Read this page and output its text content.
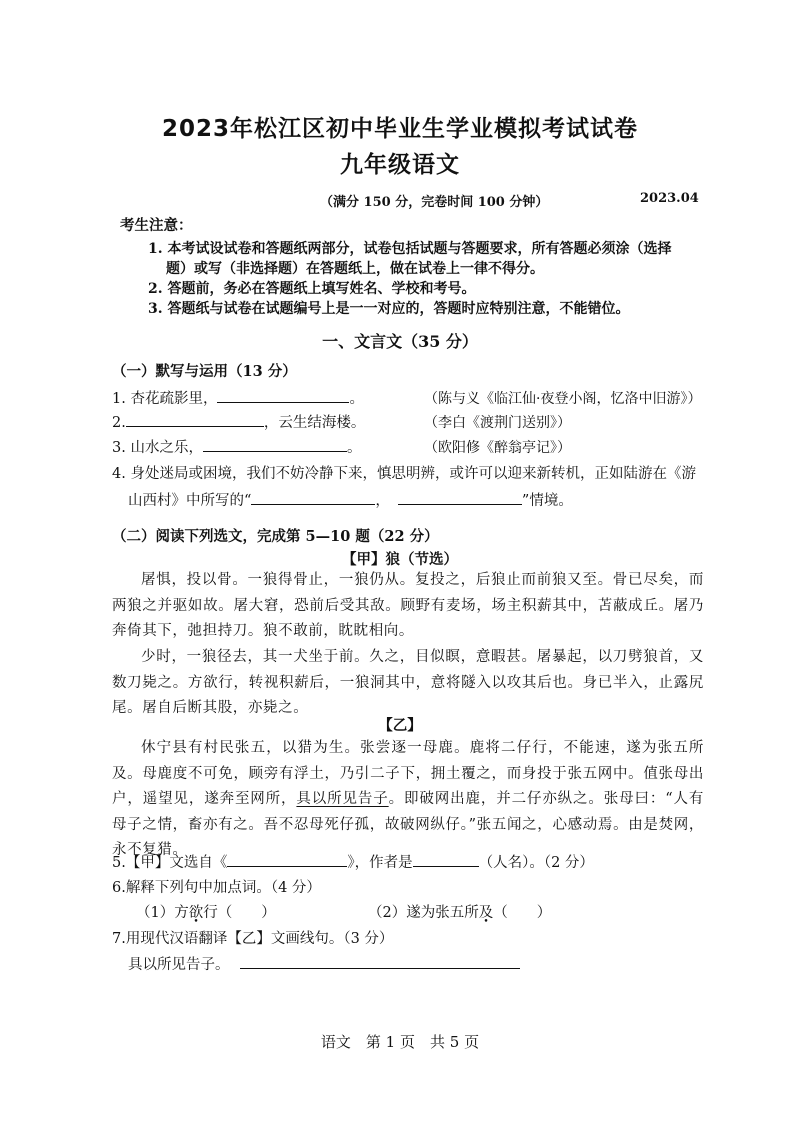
2023年松江区初中毕业生学业模拟考试试卷
九年级语文
（满分 150 分，完卷时间 100 分钟）	2023.04
考生注意：
1. 本考试设试卷和答题纸两部分，试卷包括试题与答题要求，所有答题必须涂（选择
题）或写（非选择题）在答题纸上，做在试卷上一律不得分。
2. 答题前，务必在答题纸上填写姓名、学校和考号。
3. 答题纸与试卷在试题编号上是一一对应的，答题时应特别注意，不能错位。
一、文言文（35 分）
（一）默写与运用（13 分）
1. 杏花疏影里，	。	（陈与义《临江仙·夜登小阁，忆洛中旧游》）
2.	，云生结海楼。	（李白《渡荆门送别》）
3. 山水之乐，	。	（欧阳修《醉翁亭记》）
4. 身处迷局或困境，我们不妨冷静下来，慎思明辨，或许可以迎来新转机，正如陆游在《游
山西村》中所写的“	，	”情境。
（二）阅读下列选文，完成第 5—10 题（22 分）
【甲】狼（节选）
屠惧，投以骨。一狼得骨止，一狼仍从。复投之，后狼止而前狼又至。骨已尽矣，而两狼之并驱如故。屠大窘，恐前后受其敌。顾野有麦场，场主积薪其中，苫蔽成丘。屠乃奔倚其下，弛担持刀。狼不敢前，眈眈相向。
少时，一狼径去，其一犬坐于前。久之，目似瞑，意暇甚。屠暴起，以刀劈狼首，又数刀毙之。方欲行，转视积薪后，一狼洞其中，意将隧入以攻其后也。身已半入，止露尻尾。屠自后断其股，亦毙之。
【乙】
休宁县有村民张五，以猎为生。张尝逐一母鹿。鹿将二仔行，不能速，遂为张五所及。母鹿度不可免，顾旁有浮土，乃引二子下，拥土覆之，而身投于张五网中。值张母出户，遥望见，遂奔至网所，具以所见告子。即破网出鹿，并二仔亦纵之。张母曰：“人有母子之情，畜亦有之。吾不忍母死仔孤，故破网纵仔。”张五闻之，心感动焉。由是焚网，永不复猎。
5.【甲】文选自《	》，作者是	（人名）。（2 分）
6.解释下列句中加点词。（4 分）
（1）方欲行（　　）	（2）遂为张五所及（　　）
7.用现代汉语翻译【乙】文画线句。（3 分）
具以所见告子。
语文　第 1 页　共 5 页
